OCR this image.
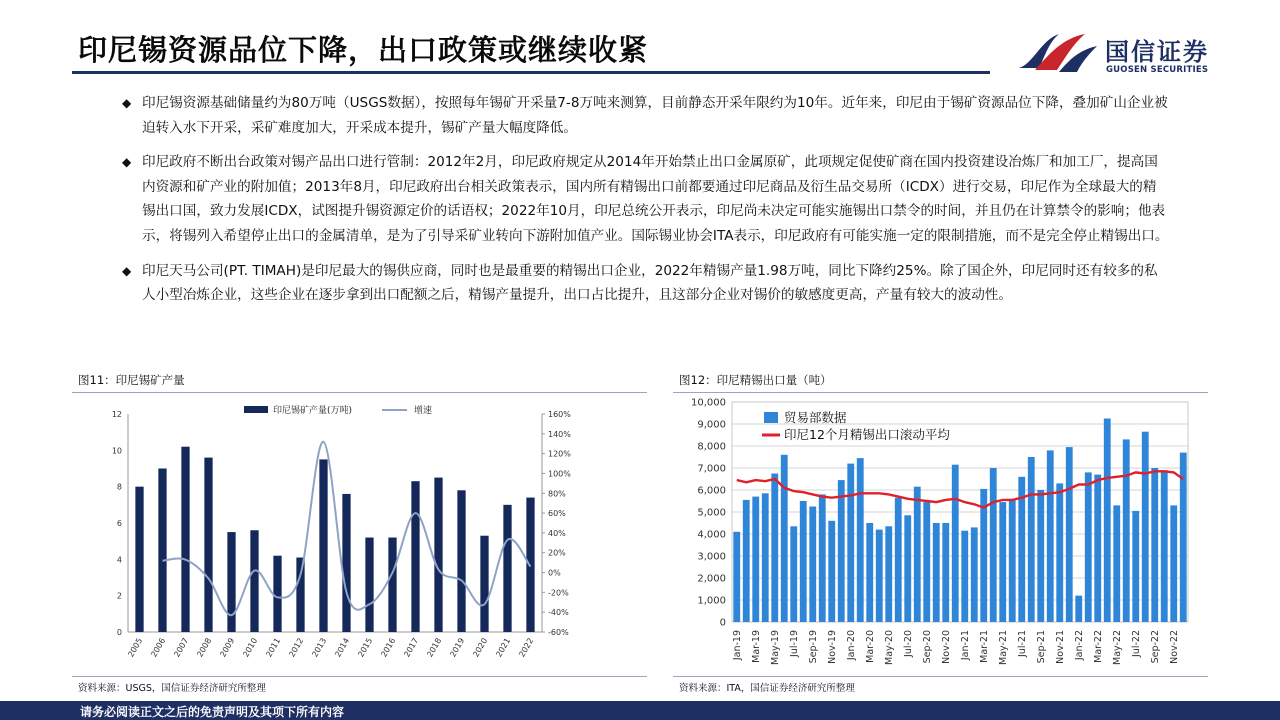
印尼锡资源品位下降，出口政策或继续收紧	国信证券
GUOSEN SECURITIES
◆ 印尼锡资源基础储量约为80万吨（USGS数据），按照每年锡矿开采量7-8万吨来测算，目前静态开采年限约为10年。近年来，印尼由于锡矿资源品位下降，叠加矿山企业被迫转入水下开采，采矿难度加大，开采成本提升，锡矿产量大幅度降低。
◆ 印尼政府不断出台政策对锡产品出口进行管制：2012年2月，印尼政府规定从2014年开始禁止出口金属原矿，此项规定促使矿商在国内投资建设冶炼厂和加工厂，提高国内资源和矿产业的附加值；2013年8月，印尼政府出台相关政策表示，国内所有精锡出口前都要通过印尼商品及衍生品交易所（ICDX）进行交易，印尼作为全球最大的精锡出口国，致力发展ICDX，试图提升锡资源定价的话语权；2022年10月，印尼总统公开表示，印尼尚未决定可能实施锡出口禁令的时间，并且仍在计算禁令的影响；他表示，将锡列入希望停止出口的金属清单，是为了引导采矿业转向下游附加值产业。国际锡业协会ITA表示，印尼政府有可能实施一定的限制措施，而不是完全停止精锡出口。
◆ 印尼天马公司(PT. TIMAH)是印尼最大的锡供应商，同时也是最重要的精锡出口企业，2022年精锡产量1.98万吨，同比下降约25%。除了国企外，印尼同时还有较多的私人小型冶炼企业，这些企业在逐步拿到出口配额之后，精锡产量提升，出口占比提升，且这部分企业对锡价的敏感度更高，产量有较大的波动性。
图11：印尼锡矿产量	图12：印尼精锡出口量（吨）
0
2
4
6
8
10
12
-60%
-40%
-20%
0%
20%
40%
60%
80%
100%
120%
140%
160%
2005 2006 2007 2008 2009 2010 2011 2012 2013 2014 2015 2016 2017 2018 2019 2020 2021 2022
印尼锡矿产量(万吨)	增速
0
1,000
2,000
3,000
4,000
5,000
6,000
7,000
8,000
9,000
10,000
Jan-19 Mar-19 May-19 Jul-19 Sep-19 Nov-19 Jan-20 Mar-20 May-20 Jul-20 Sep-20 Nov-20 Jan-21 Mar-21 May-21 Jul-21 Sep-21 Nov-21 Jan-22 Mar-22 May-22 Jul-22 Sep-22 Nov-22
贸易部数据
印尼12个月精锡出口滚动平均
资料来源：USGS，国信证券经济研究所整理	资料来源：ITA，国信证券经济研究所整理
请务必阅读正文之后的免责声明及其项下所有内容
